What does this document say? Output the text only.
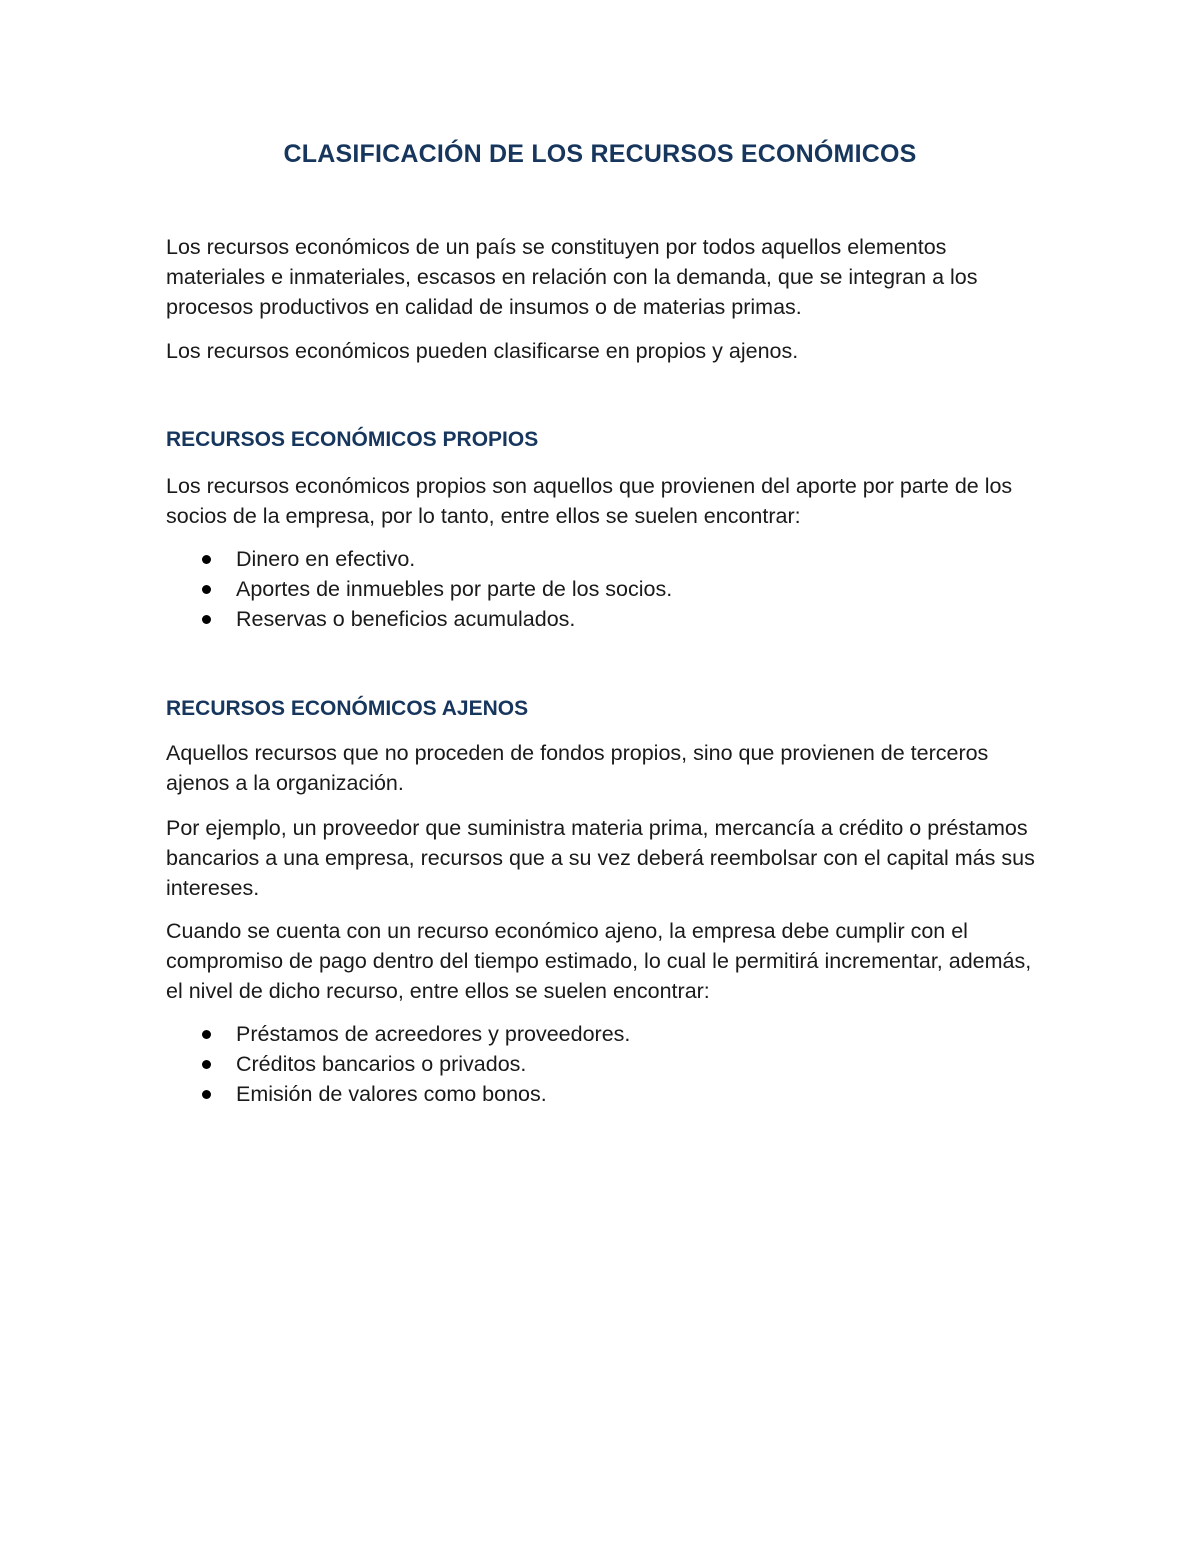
CLASIFICACIÓN DE LOS RECURSOS ECONÓMICOS

Los recursos económicos de un país se constituyen por todos aquellos elementos materiales e inmateriales, escasos en relación con la demanda, que se integran a los procesos productivos en calidad de insumos o de materias primas.

Los recursos económicos pueden clasificarse en propios y ajenos.

RECURSOS ECONÓMICOS PROPIOS

Los recursos económicos propios son aquellos que provienen del aporte por parte de los socios de la empresa, por lo tanto, entre ellos se suelen encontrar:

Dinero en efectivo.
Aportes de inmuebles por parte de los socios.
Reservas o beneficios acumulados.
RECURSOS ECONÓMICOS AJENOS

Aquellos recursos que no proceden de fondos propios, sino que provienen de terceros ajenos a la organización.

Por ejemplo, un proveedor que suministra materia prima, mercancía a crédito o préstamos bancarios a una empresa, recursos que a su vez deberá reembolsar con el capital más sus intereses.

Cuando se cuenta con un recurso económico ajeno, la empresa debe cumplir con el compromiso de pago dentro del tiempo estimado, lo cual le permitirá incrementar, además, el nivel de dicho recurso, entre ellos se suelen encontrar:

Préstamos de acreedores y proveedores.
Créditos bancarios o privados.
Emisión de valores como bonos.
